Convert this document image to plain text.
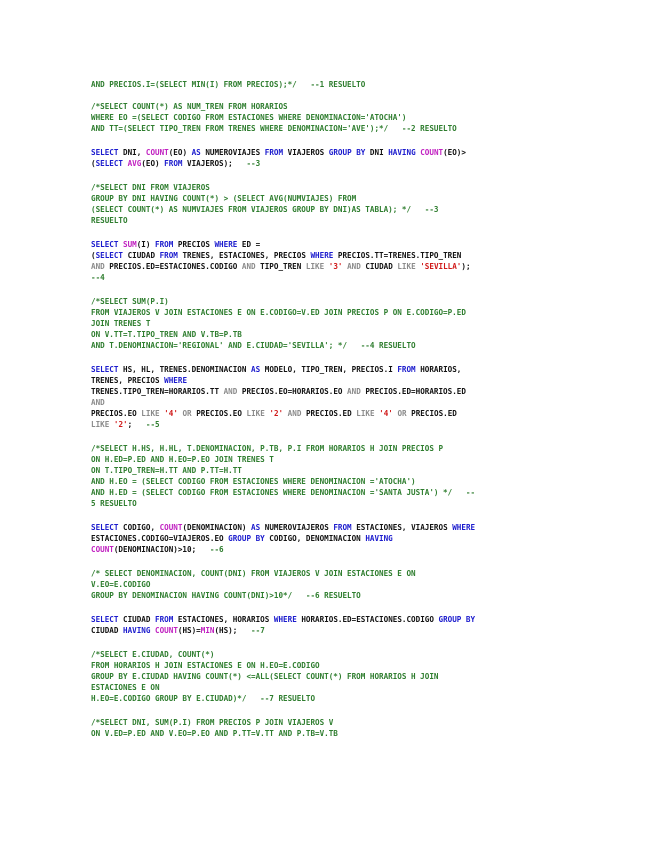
AND PRECIOS.I=(SELECT MIN(I) FROM PRECIOS);*/   --1 RESUELTO
/*SELECT COUNT(*) AS NUM_TREN FROM HORARIOS
WHERE EO =(SELECT CODIGO FROM ESTACIONES WHERE DENOMINACION='ATOCHA')
AND TT=(SELECT TIPO_TREN FROM TRENES WHERE DENOMINACION='AVE');*/   --2 RESUELTO
SELECT DNI, COUNT(EO) AS NUMEROVIAJES FROM VIAJEROS GROUP BY DNI HAVING COUNT(EO)>
(SELECT AVG(EO) FROM VIAJEROS);   --3
/*SELECT DNI FROM VIAJEROS
GROUP BY DNI HAVING COUNT(*) > (SELECT AVG(NUMVIAJES) FROM
(SELECT COUNT(*) AS NUMVIAJES FROM VIAJEROS GROUP BY DNI)AS TABLA); */   --3
RESUELTO
SELECT SUM(I) FROM PRECIOS WHERE ED =
(SELECT CIUDAD FROM TRENES, ESTACIONES, PRECIOS WHERE PRECIOS.TT=TRENES.TIPO_TREN
AND PRECIOS.ED=ESTACIONES.CODIGO AND TIPO_TREN LIKE '3' AND CIUDAD LIKE 'SEVILLA');
--4
/*SELECT SUM(P.I)
FROM VIAJEROS V JOIN ESTACIONES E ON E.CODIGO=V.ED JOIN PRECIOS P ON E.CODIGO=P.ED
JOIN TRENES T
ON V.TT=T.TIPO_TREN AND V.TB=P.TB
AND T.DENOMINACION='REGIONAL' AND E.CIUDAD='SEVILLA'; */   --4 RESUELTO
SELECT HS, HL, TRENES.DENOMINACION AS MODELO, TIPO_TREN, PRECIOS.I FROM HORARIOS,
TRENES, PRECIOS WHERE
TRENES.TIPO_TREN=HORARIOS.TT AND PRECIOS.EO=HORARIOS.EO AND PRECIOS.ED=HORARIOS.ED
AND
PRECIOS.EO LIKE '4' OR PRECIOS.EO LIKE '2' AND PRECIOS.ED LIKE '4' OR PRECIOS.ED
LIKE '2';   --5
/*SELECT H.HS, H.HL, T.DENOMINACION, P.TB, P.I FROM HORARIOS H JOIN PRECIOS P
ON H.ED=P.ED AND H.EO=P.EO JOIN TRENES T
ON T.TIPO_TREN=H.TT AND P.TT=H.TT
AND H.EO = (SELECT CODIGO FROM ESTACIONES WHERE DENOMINACION ='ATOCHA')
AND H.ED = (SELECT CODIGO FROM ESTACIONES WHERE DENOMINACION ='SANTA JUSTA') */   --
5 RESUELTO
SELECT CODIGO, COUNT(DENOMINACION) AS NUMEROVIAJEROS FROM ESTACIONES, VIAJEROS WHERE
ESTACIONES.CODIGO=VIAJEROS.EO GROUP BY CODIGO, DENOMINACION HAVING
COUNT(DENOMINACION)>10;   --6
/* SELECT DENOMINACION, COUNT(DNI) FROM VIAJEROS V JOIN ESTACIONES E ON
V.EO=E.CODIGO
GROUP BY DENOMINACION HAVING COUNT(DNI)>10*/   --6 RESUELTO
SELECT CIUDAD FROM ESTACIONES, HORARIOS WHERE HORARIOS.ED=ESTACIONES.CODIGO GROUP BY
CIUDAD HAVING COUNT(HS)=MIN(HS);   --7
/*SELECT E.CIUDAD, COUNT(*)
FROM HORARIOS H JOIN ESTACIONES E ON H.EO=E.CODIGO
GROUP BY E.CIUDAD HAVING COUNT(*) <=ALL(SELECT COUNT(*) FROM HORARIOS H JOIN
ESTACIONES E ON
H.EO=E.CODIGO GROUP BY E.CIUDAD)*/   --7 RESUELTO
/*SELECT DNI, SUM(P.I) FROM PRECIOS P JOIN VIAJEROS V
ON V.ED=P.ED AND V.EO=P.EO AND P.TT=V.TT AND P.TB=V.TB
